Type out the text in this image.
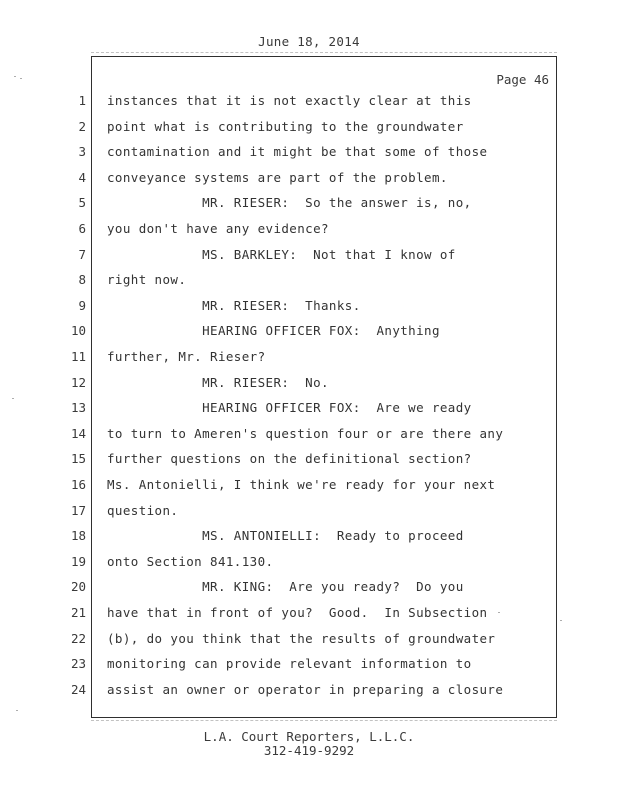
June 18, 2014
Page 46
1 instances that it is not exactly clear at this
2 point what is contributing to the groundwater
3 contamination and it might be that some of those
4 conveyance systems are part of the problem.
5 MR. RIESER:  So the answer is, no,
6 you don't have any evidence?
7 MS. BARKLEY:  Not that I know of
8 right now.
9 MR. RIESER:  Thanks.
10 HEARING OFFICER FOX:  Anything
11 further, Mr. Rieser?
12 MR. RIESER:  No.
13 HEARING OFFICER FOX:  Are we ready
14 to turn to Ameren's question four or are there any
15 further questions on the definitional section?
16 Ms. Antonielli, I think we're ready for your next
17 question.
18 MS. ANTONIELLI:  Ready to proceed
19 onto Section 841.130.
20 MR. KING:  Are you ready?  Do you
21 have that in front of you?  Good.  In Subsection
22 (b), do you think that the results of groundwater
23 monitoring can provide relevant information to
24 assist an owner or operator in preparing a closure
L.A. Court Reporters, L.L.C.
312-419-9292
